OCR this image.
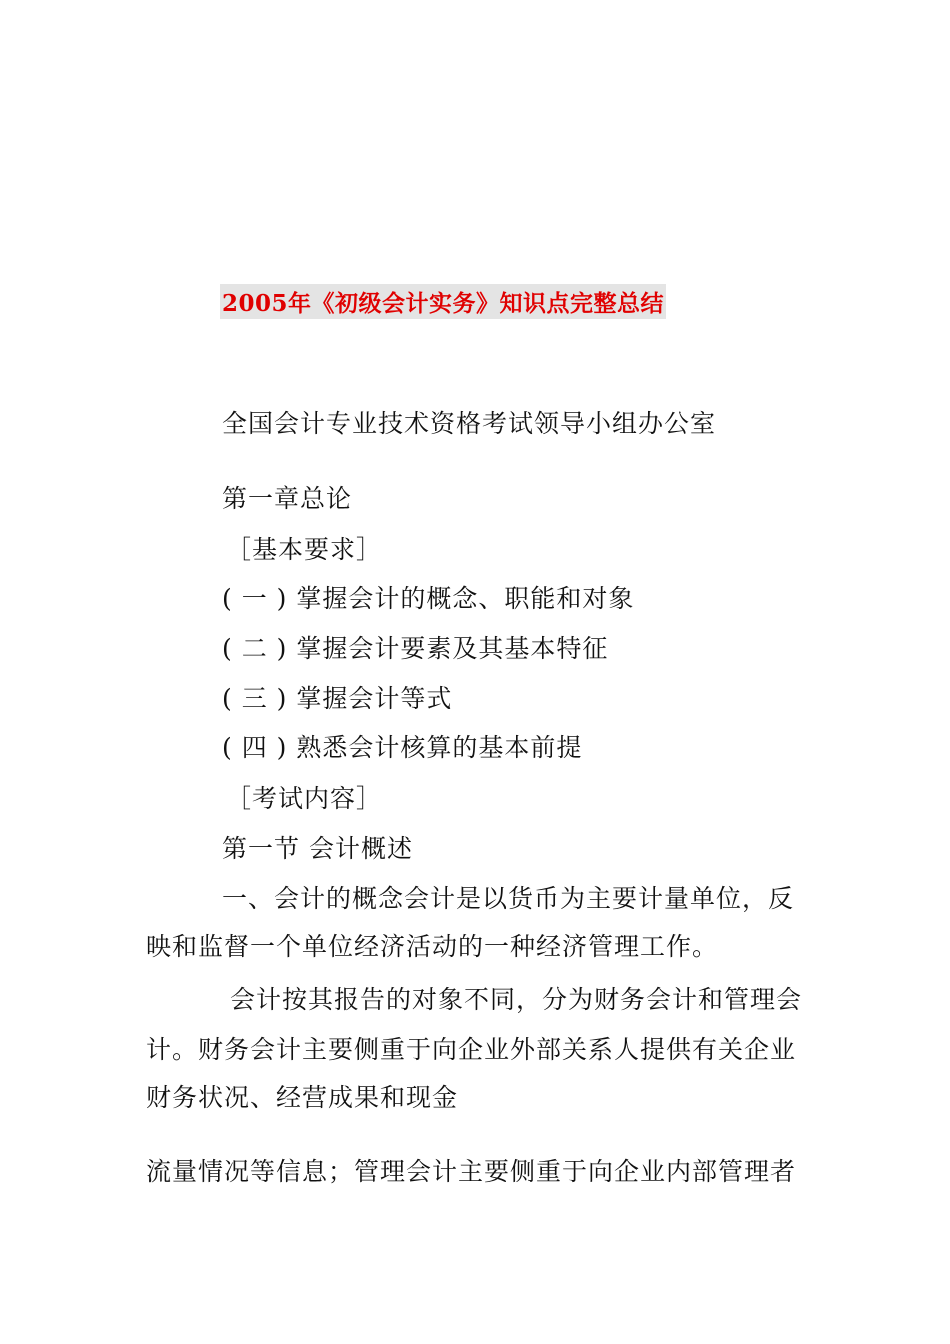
2005年《初级会计实务》知识点完整总结
全国会计专业技术资格考试领导小组办公室
第一章总论
［基本要求］
( 一 ) 掌握会计的概念、职能和对象
( 二 ) 掌握会计要素及其基本特征
( 三 ) 掌握会计等式
( 四 ) 熟悉会计核算的基本前提
［考试内容］
第一节 会计概述
一、会计的概念会计是以货币为主要计量单位，反
映和监督一个单位经济活动的一种经济管理工作。
会计按其报告的对象不同，分为财务会计和管理会
计。财务会计主要侧重于向企业外部关系人提供有关企业
财务状况、经营成果和现金
流量情况等信息；管理会计主要侧重于向企业内部管理者
